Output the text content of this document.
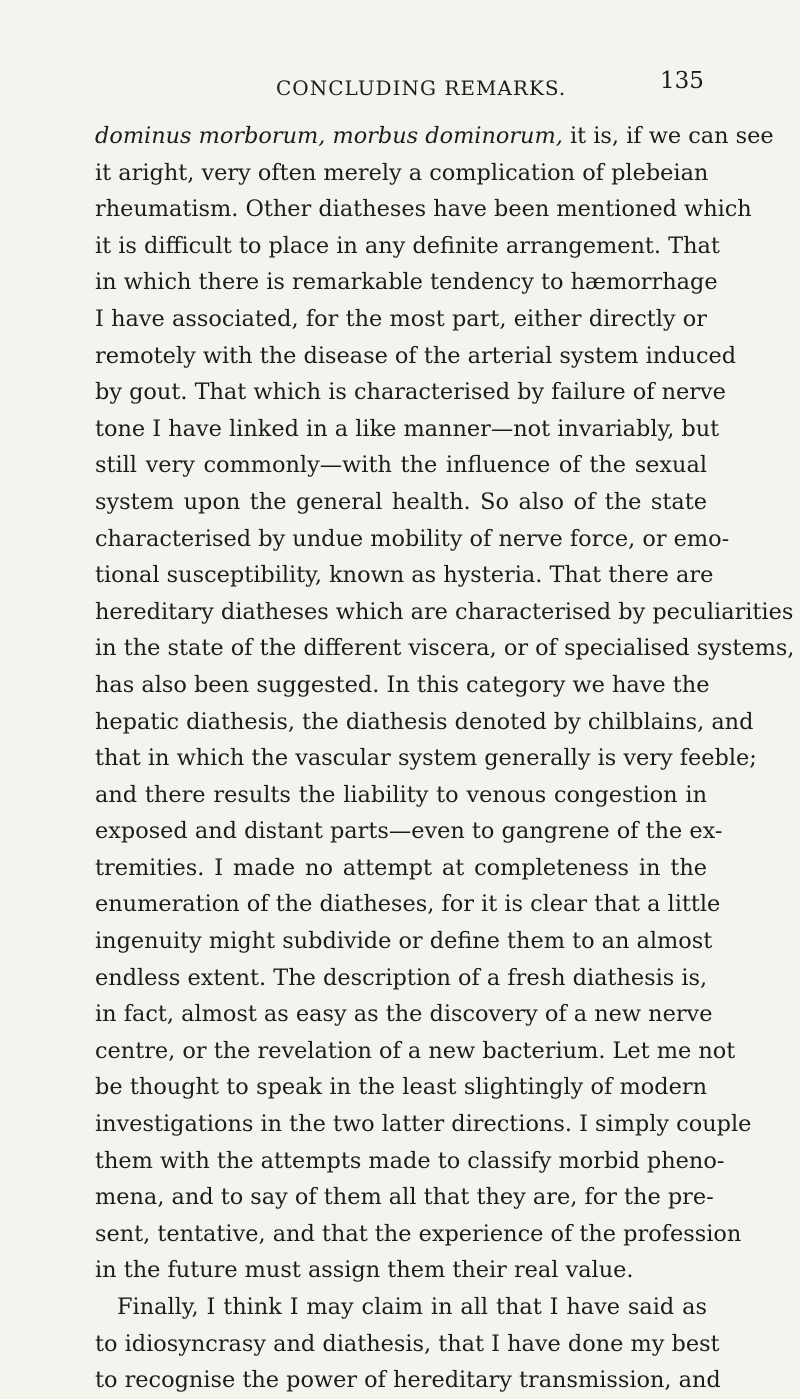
CONCLUDING REMARKS.	135
dominus morborum, morbus dominorum, it is, if we can see
it aright, very often merely a complication of plebeian
rheumatism. Other diatheses have been mentioned which
it is difficult to place in any definite arrangement. That
in which there is remarkable tendency to hæmorrhage
I have associated, for the most part, either directly or
remotely with the disease of the arterial system induced
by gout. That which is characterised by failure of nerve
tone I have linked in a like manner—not invariably, but
still very commonly—with the influence of the sexual
system upon the general health. So also of the state
characterised by undue mobility of nerve force, or emo-
tional susceptibility, known as hysteria. That there are
hereditary diatheses which are characterised by peculiarities
in the state of the different viscera, or of specialised systems,
has also been suggested. In this category we have the
hepatic diathesis, the diathesis denoted by chilblains, and
that in which the vascular system generally is very feeble;
and there results the liability to venous congestion in
exposed and distant parts—even to gangrene of the ex-
tremities. I made no attempt at completeness in the
enumeration of the diatheses, for it is clear that a little
ingenuity might subdivide or define them to an almost
endless extent. The description of a fresh diathesis is,
in fact, almost as easy as the discovery of a new nerve
centre, or the revelation of a new bacterium. Let me not
be thought to speak in the least slightingly of modern
investigations in the two latter directions. I simply couple
them with the attempts made to classify morbid pheno-
mena, and to say of them all that they are, for the pre-
sent, tentative, and that the experience of the profession
in the future must assign them their real value.
Finally, I think I may claim in all that I have said as
to idiosyncrasy and diathesis, that I have done my best
to recognise the power of hereditary transmission, and
